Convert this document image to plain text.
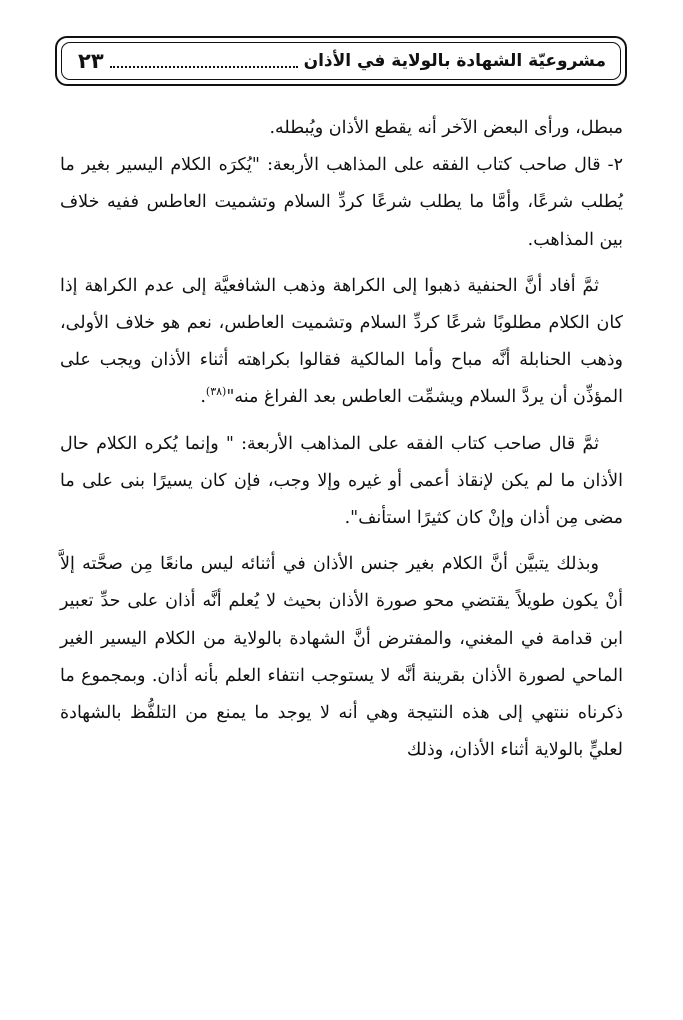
مشروعيّة الشهادة بالولاية في الأذان
٢٣

مبطل، ورأى البعض الآخر أنه يقطع الأذان ويُبطله.

٢- قال صاحب كتاب الفقه على المذاهب الأربعة: "يُكرَه الكلام اليسير بغير ما يُطلب شرعًا، وأمَّا ما يطلب شرعًا كردِّ السلام وتشميت العاطس ففيه خلاف بين المذاهب.

ثمَّ أفاد أنَّ الحنفية ذهبوا إلى الكراهة وذهب الشافعيَّة إلى عدم الكراهة إذا كان الكلام مطلوبًا شرعًا كردِّ السلام وتشميت العاطس، نعم هو خلاف الأولى، وذهب الحنابلة أنَّه مباح وأما المالكية فقالوا بكراهته أثناء الأذان ويجب على المؤذِّن أن يردَّ السلام ويشمِّت العاطس بعد الفراغ منه"$^{(٣٨)}$.

ثمَّ قال صاحب كتاب الفقه على المذاهب الأربعة: " وإنما يُكره الكلام حال الأذان ما لم يكن لإنقاذ أعمى أو غيره وإلا وجب، فإن كان يسيرًا بنى على ما مضى مِن أذان وإنْ كان كثيرًا استأنف".

وبذلك يتبيَّن أنَّ الكلام بغير جنس الأذان في أثنائه ليس مانعًا مِن صحَّته إلاَّ أنْ يكون طويلاً يقتضي محو صورة الأذان بحيث لا يُعلم أنَّه أذان على حدِّ تعبير ابن قدامة في المغني، والمفترض أنَّ الشهادة بالولاية من الكلام اليسير الغير الماحي لصورة الأذان بقرينة أنَّه لا يستوجب انتفاء العلم بأنه أذان. وبمجموع ما ذكرناه ننتهي إلى هذه النتيجة وهي أنه لا يوجد ما يمنع من التلفُّظ بالشهادة لعليٍّ بالولاية أثناء الأذان، وذلك
